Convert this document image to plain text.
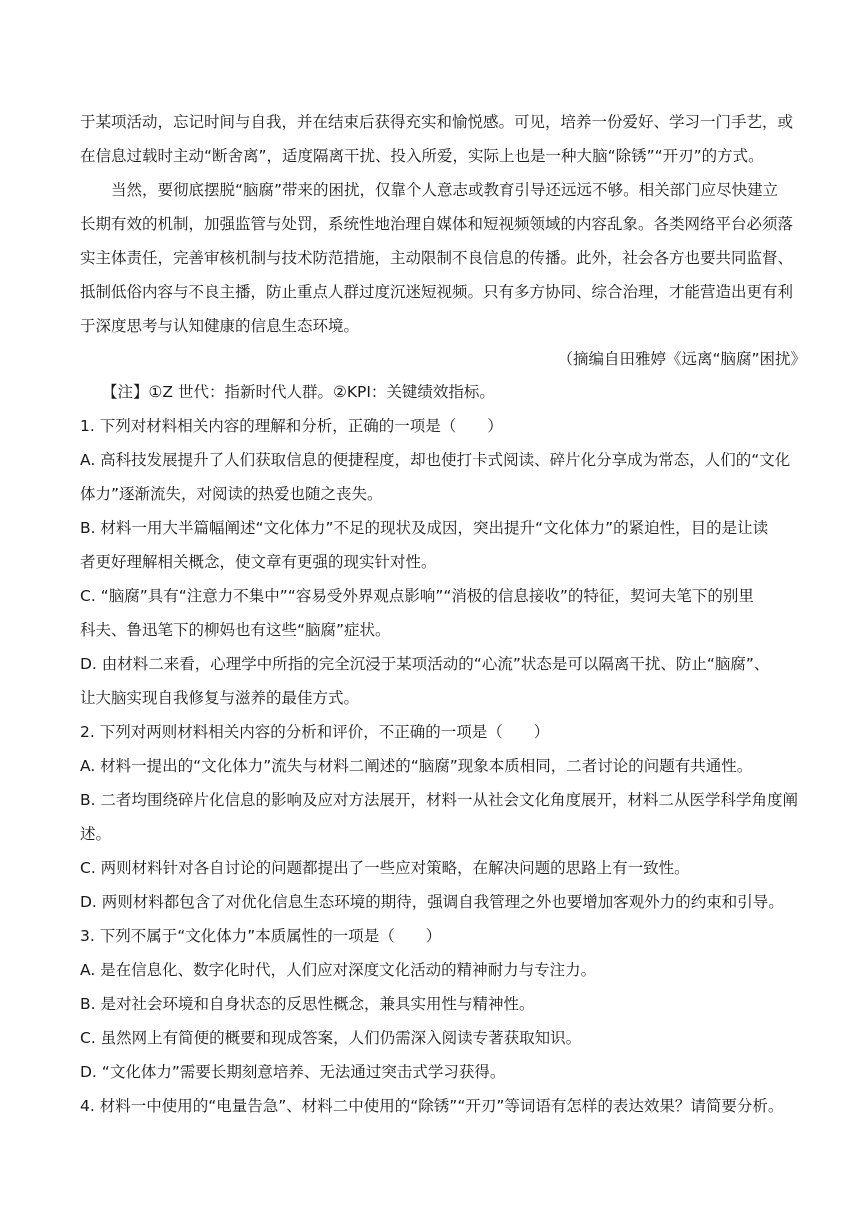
于某项活动，忘记时间与自我，并在结束后获得充实和愉悦感。可见，培养一份爱好、学习一门手艺，或
在信息过载时主动“断舍离”，适度隔离干扰、投入所爱，实际上也是一种大脑“除锈”“开刃”的方式。
当然，要彻底摆脱“脑腐”带来的困扰，仅靠个人意志或教育引导还远远不够。相关部门应尽快建立
长期有效的机制，加强监管与处罚，系统性地治理自媒体和短视频领域的内容乱象。各类网络平台必须落
实主体责任，完善审核机制与技术防范措施，主动限制不良信息的传播。此外，社会各方也要共同监督、
抵制低俗内容与不良主播，防止重点人群过度沉迷短视频。只有多方协同、综合治理，才能营造出更有利
于深度思考与认知健康的信息生态环境。
（摘编自田雅婷《远离“脑腐”困扰》
【注】①Z 世代：指新时代人群。②KPI：关键绩效指标。
1. 下列对材料相关内容的理解和分析，正确的一项是（　　）
A. 高科技发展提升了人们获取信息的便捷程度，却也使打卡式阅读、碎片化分享成为常态，人们的“文化
体力”逐渐流失，对阅读的热爱也随之丧失。
B. 材料一用大半篇幅阐述“文化体力”不足的现状及成因，突出提升“文化体力”的紧迫性，目的是让读
者更好理解相关概念，使文章有更强的现实针对性。
C. “脑腐”具有“注意力不集中”“容易受外界观点影响”“消极的信息接收”的特征，契诃夫笔下的别里
科夫、鲁迅笔下的柳妈也有这些“脑腐”症状。
D. 由材料二来看，心理学中所指的完全沉浸于某项活动的“心流”状态是可以隔离干扰、防止“脑腐”、
让大脑实现自我修复与滋养的最佳方式。
2. 下列对两则材料相关内容的分析和评价，不正确的一项是（　　）
A. 材料一提出的“文化体力”流失与材料二阐述的“脑腐”现象本质相同，二者讨论的问题有共通性。
B. 二者均围绕碎片化信息的影响及应对方法展开，材料一从社会文化角度展开，材料二从医学科学角度阐
述。
C. 两则材料针对各自讨论的问题都提出了一些应对策略，在解决问题的思路上有一致性。
D. 两则材料都包含了对优化信息生态环境的期待，强调自我管理之外也要增加客观外力的约束和引导。
3. 下列不属于“文化体力”本质属性的一项是（　　）
A. 是在信息化、数字化时代，人们应对深度文化活动的精神耐力与专注力。
B. 是对社会环境和自身状态的反思性概念，兼具实用性与精神性。
C. 虽然网上有简便的概要和现成答案，人们仍需深入阅读专著获取知识。
D. “文化体力”需要长期刻意培养、无法通过突击式学习获得。
4. 材料一中使用的“电量告急”、材料二中使用的“除锈”“开刃”等词语有怎样的表达效果？请简要分析。
